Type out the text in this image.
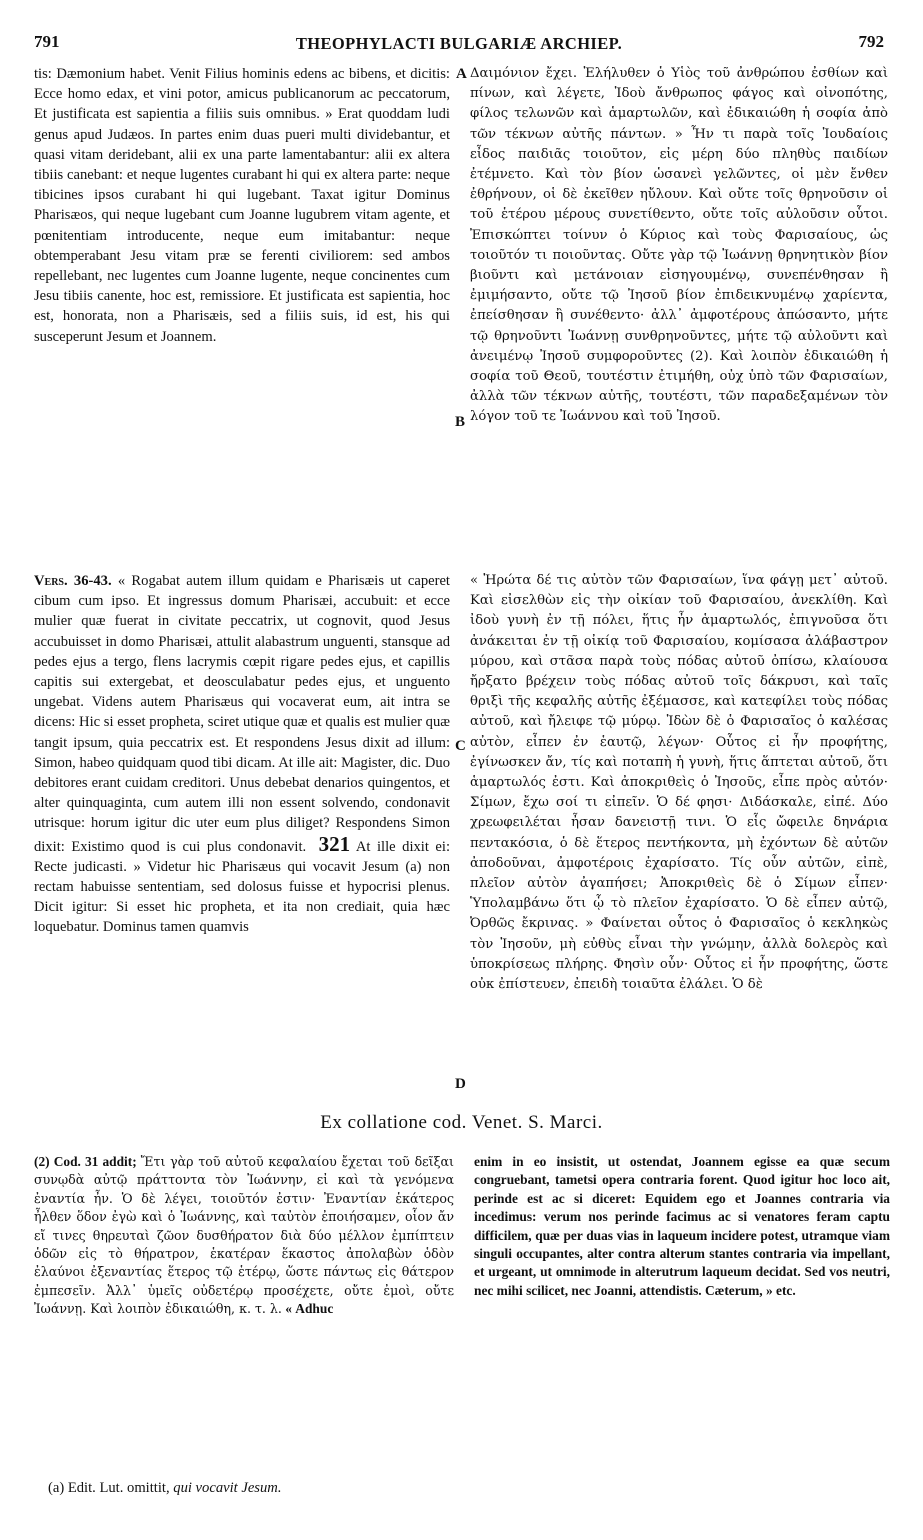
791	THEOPHYLACTI BULGARIÆ ARCHIEP.	792

tis: Dæmonium habet. Venit Filius hominis edens ac bibens, et dicitis: Ecce homo edax, et vini potor, amicus publicanorum ac peccatorum, Et justificata est sapientia a filiis suis omnibus. » Erat quoddam ludi genus apud Judæos. In partes enim duas pueri multi dividebantur, et quasi vitam deridebant, alii ex una parte lamentabantur: alii ex altera tibiis canebant: et neque lugentes curabant hi qui ex altera parte: neque tibicines ipsos curabant hi qui lugebant. Taxat igitur Dominus Pharisæos, qui neque lugebant cum Joanne lugubrem vitam agente, et pœnitentiam introducente, neque eum imitabantur: neque obtemperabant Jesu vitam præ se ferenti civiliorem: sed ambos repellebant, nec lugentes cum Joanne lugente, neque concinentes cum Jesu tibiis canente, hoc est, remissiore. Et justificata est sapientia, hoc est, honorata, non a Pharisæis, sed a filiis suis, id est, his qui susceperunt Jesum et Joannem.

Δαιμόνιον ἔχει. Ἐλήλυθεν ὁ Υἱὸς τοῦ ἀνθρώπου ἐσθίων καὶ πίνων, καὶ λέγετε, Ἰδοὺ ἄνθρωπος φάγος καὶ οἰνοπότης, φίλος τελωνῶν καὶ ἁμαρτωλῶν, καὶ ἐδικαιώθη ἡ σοφία ἀπὸ τῶν τέκνων αὐτῆς πάντων. » Ἦν τι παρὰ τοῖς Ἰουδαίοις εἶδος παιδιᾶς τοιοῦτον, εἰς μέρη δύο πληθὺς παιδίων ἐτέμνετο. Καὶ τὸν βίον ὡσανεὶ γελῶντες, οἱ μὲν ἔνθεν ἐθρήνουν, οἱ δὲ ἐκεῖθεν ηὔλουν. Καὶ οὔτε τοῖς θρηνοῦσιν οἱ τοῦ ἑτέρου μέρους συνετίθεντο, οὔτε τοῖς αὐλοῦσιν οὗτοι. Ἐπισκώπτει τοίνυν ὁ Κύριος καὶ τοὺς Φαρισαίους, ὡς τοιοῦτόν τι ποιοῦντας. Οὔτε γὰρ τῷ Ἰωάννῃ θρηνητικὸν βίον βιοῦντι καὶ μετάνοιαν εἰσηγουμένῳ, συνεπένθησαν ἢ ἐμιμήσαντο, οὔτε τῷ Ἰησοῦ βίον ἐπιδεικνυμένῳ χαρίεντα, ἐπείσθησαν ἢ συνέθεντο· ἀλλ᾽ ἀμφοτέρους ἀπώσαντο, μήτε τῷ θρηνοῦντι Ἰωάννῃ συνθρηνοῦντες, μήτε τῷ αὐλοῦντι καὶ ἀνειμένῳ Ἰησοῦ συμφοροῦντες (2). Καὶ λοιπὸν ἐδικαιώθη ἡ σοφία τοῦ Θεοῦ, τουτέστιν ἐτιμήθη, οὐχ ὑπὸ τῶν Φαρισαίων, ἀλλὰ τῶν τέκνων αὐτῆς, τουτέστι, τῶν παραδεξαμένων τὸν λόγον τοῦ τε Ἰωάννου καὶ τοῦ Ἰησοῦ.

A
B
C
D

Vers. 36-43. « Rogabat autem illum quidam e Pharisæis ut caperet cibum cum ipso. Et ingressus domum Pharisæi, accubuit: et ecce mulier quæ fuerat in civitate peccatrix, ut cognovit, quod Jesus accubuisset in domo Pharisæi, attulit alabastrum unguenti, stansque ad pedes ejus a tergo, flens lacrymis cœpit rigare pedes ejus, et capillis capitis sui extergebat, et deosculabatur pedes ejus, et unguento ungebat. Videns autem Pharisæus qui vocaverat eum, ait intra se dicens: Hic si esset propheta, sciret utique quæ et qualis est mulier quæ tangit ipsum, quia peccatrix est. Et respondens Jesus dixit ad illum: Simon, habeo quidquam quod tibi dicam. At ille ait: Magister, dic. Duo debitores erant cuidam creditori. Unus debebat denarios quingentos, et alter quinquaginta, cum autem illi non essent solvendo, condonavit utrisque: horum igitur dic uter eum plus diliget? Respondens Simon dixit: Existimo quod is cui plus condonavit. 321 At ille dixit ei: Recte judicasti. » Videtur hic Pharisæus qui vocavit Jesum (a) non rectam habuisse sententiam, sed dolosus fuisse et hypocrisi plenus. Dicit igitur: Si esset hic propheta, et ita non crediait, quia hæc loquebatur. Dominus tamen quamvis

« Ἠρώτα δέ τις αὐτὸν τῶν Φαρισαίων, ἵνα φάγῃ μετ᾽ αὐτοῦ. Καὶ εἰσελθὼν εἰς τὴν οἰκίαν τοῦ Φαρισαίου, ἀνεκλίθη. Καὶ ἰδοὺ γυνὴ ἐν τῇ πόλει, ἥτις ἦν ἁμαρτωλός, ἐπιγνοῦσα ὅτι ἀνάκειται ἐν τῇ οἰκίᾳ τοῦ Φαρισαίου, κομίσασα ἀλάβαστρον μύρου, καὶ στᾶσα παρὰ τοὺς πόδας αὐτοῦ ὀπίσω, κλαίουσα ἤρξατο βρέχειν τοὺς πόδας αὐτοῦ τοῖς δάκρυσι, καὶ ταῖς θριξὶ τῆς κεφαλῆς αὐτῆς ἐξέμασσε, καὶ κατεφίλει τοὺς πόδας αὐτοῦ, καὶ ἤλειφε τῷ μύρῳ. Ἰδὼν δὲ ὁ Φαρισαῖος ὁ καλέσας αὐτὸν, εἶπεν ἐν ἑαυτῷ, λέγων· Οὗτος εἰ ἦν προφήτης, ἐγίνωσκεν ἄν, τίς καὶ ποταπὴ ἡ γυνὴ, ἥτις ἅπτεται αὐτοῦ, ὅτι ἁμαρτωλός ἐστι. Καὶ ἀποκριθεὶς ὁ Ἰησοῦς, εἶπε πρὸς αὐτόν· Σίμων, ἔχω σοί τι εἰπεῖν. Ὁ δέ φησι· Διδάσκαλε, εἰπέ. Δύο χρεωφειλέται ἦσαν δανειστῇ τινι. Ὁ εἷς ὤφειλε δηνάρια πεντακόσια, ὁ δὲ ἕτερος πεντήκοντα, μὴ ἐχόντων δὲ αὐτῶν ἀποδοῦναι, ἀμφοτέροις ἐχαρίσατο. Τίς οὖν αὐτῶν, εἰπὲ, πλεῖον αὐτὸν ἀγαπήσει; Ἀποκριθεὶς δὲ ὁ Σίμων εἶπεν· Ὑπολαμβάνω ὅτι ᾧ τὸ πλεῖον ἐχαρίσατο. Ὁ δὲ εἶπεν αὐτῷ, Ὀρθῶς ἔκρινας. » Φαίνεται οὗτος ὁ Φαρισαῖος ὁ κεκληκὼς τὸν Ἰησοῦν, μὴ εὐθὺς εἶναι τὴν γνώμην, ἀλλὰ δολερὸς καὶ ὑποκρίσεως πλήρης. Φησὶν οὖν· Οὗτος εἰ ἦν προφήτης, ὥστε οὐκ ἐπίστευεν, ἐπειδὴ τοιαῦτα ἐλάλει. Ὁ δὲ

Ex collatione cod. Venet. S. Marci.

(2) Cod. 31 addit; Ἔτι γὰρ τοῦ αὐτοῦ κεφαλαίου ἔχεται τοῦ δεῖξαι συνῳδὰ αὐτῷ πράττοντα τὸν Ἰωάννην, εἰ καὶ τὰ γενόμενα ἐναντία ἦν. Ὁ δὲ λέγει, τοιοῦτόν ἐστιν· Ἐναντίαν ἑκάτερος ἦλθεν ὅδον ἐγὼ καὶ ὁ Ἰωάννης, καὶ ταὐτὸν ἐποιήσαμεν, οἷον ἄν εἴ τινες θηρευταὶ ζῶον δυσθήρατον διὰ δύο μέλλον ἐμπίπτειν ὁδῶν εἰς τὸ θήρατρον, ἑκατέραν ἕκαστος ἀπολαβὼν ὁδὸν ἐλαύνοι ἐξεναντίας ἕτερος τῷ ἑτέρῳ, ὥστε πάντως εἰς θάτερον ἐμπεσεῖν. Ἀλλ᾽ ὑμεῖς οὐδετέρῳ προσέχετε, οὔτε ἐμοὶ, οὔτε Ἰωάννῃ. Καὶ λοιπὸν ἐδικαιώθη, κ. τ. λ. « Adhuc

enim in eo insistit, ut ostendat, Joannem egisse ea quæ secum congruebant, tametsi opera contraria forent. Quod igitur hoc loco ait, perinde est ac si diceret: Equidem ego et Joannes contraria via incedimus: verum nos perinde facimus ac si venatores feram captu difficilem, quæ per duas vias in laqueum incidere potest, utramque viam singuli occupantes, alter contra alterum stantes contraria via impellant, et urgeant, ut omnimode in alterutrum laqueum decidat. Sed vos neutri, nec mihi scilicet, nec Joanni, attendistis. Cæterum, » etc.

(a) Edit. Lut. omittit, qui vocavit Jesum.
